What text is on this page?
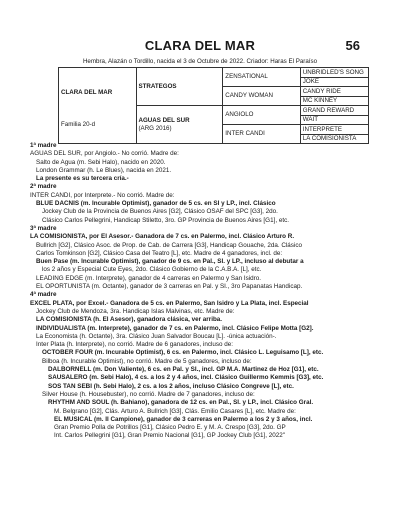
CLARA DEL MAR	56
Hembra, Alazán o Tordillo, nacida el 3 de Octubre de 2022. Criador: Haras El Paraíso
CLARA DEL MAR
Familia 20-d	STRATEGOS	ZENSATIONAL	UNBRIDLED'S SONG
			JOKE
		CANDY WOMAN	CANDY RIDE
			MC KINNEY

	AGUAS DEL SUR
(ARG 2016)	ANGIOLO	GRAND REWARD
			WAIT
		INTER CANDI	INTERPRETE
			LA COMISIONISTA
1ª madre
AGUAS DEL SUR, por Angiolo.- No corrió. Madre de:
Salto de Agua (m. Sebi Halo), nacido en 2020.
London Grammar (h. Le Blues), nacida en 2021.
La presente es su tercera cría.-
2ª madre
INTER CANDI, por Interprete.- No corrió. Madre de:
BLUE DACNIS (m. Incurable Optimist), ganador de 5 cs. en SI y LP., incl. Clásico
Jockey Club de la Provincia de Buenos Aires [G2], Clásico OSAF del SPC [G3], 2do.
Clásico Carlos Pellegrini, Handicap Stiletto, 3ro. GP Provincia de Buenos Aires [G1], etc.
3ª madre
LA COMISIONISTA, por El Asesor.- Ganadora de 7 cs. en Palermo, incl. Clásico Arturo R.
Bullrich [G2], Clásico Asoc. de Prop. de Cab. de Carrera [G3], Handicap Gouache, 2da. Clásico
Carlos Tomkinson [G2], Clásico Casa del Teatro [L], etc. Madre de 4 ganadores, incl. de:
Buen Pase (m. Incurable Optimist), ganador de 9 cs. en Pal., SI. y LP., incluso al debutar a
los 2 años y Especial Cute Eyes, 2do. Clásico Gobierno de la C.A.B.A. [L], etc.
LEADING EDGE (m. Interprete), ganador de 4 carreras en Palermo y San Isidro.
EL OPORTUNISTA (m. Octante), ganador de 3 carreras en Pal. y SI., 3ro Papanatas Handicap.
4ª madre
EXCEL PLATA, por Excel.- Ganadora de 5 cs. en Palermo, San Isidro y La Plata, incl. Especial
Jockey Club de Mendoza, 3ra. Handicap Islas Malvinas, etc. Madre de:
LA COMISIONISTA (h. El Asesor), ganadora clásica, ver arriba.
INDIVIDUALISTA (m. Interprete), ganador de 7 cs. en Palermo, incl. Clásico Felipe Motta [G2].
La Economista (h. Octante), 3ra. Clásico Juan Salvador Boucau [L]. -única actuación-.
Inter Plata (h. Interprete), no corrió. Madre de 6 ganadores, incluso de:
OCTOBER FOUR (m. Incurable Optimist), 6 cs. en Palermo, incl. Clásico L. Leguisamo [L], etc.
Bilboa (h. Incurable Optimist), no corrió. Madre de 5 ganadores, incluso de:
DALBORNELL (m. Don Valiente), 6 cs. en Pal. y SI., incl. GP M.A. Martinez de Hoz [G1], etc.
SAUSALERO (m. Sebi Halo), 4 cs. a los 2 y 4 años, incl. Clásico Guillermo Kemmis [G3], etc.
SOS TAN SEBI (h. Sebi Halo), 2 cs. a los 2 años, incluso Clásico Congreve [L], etc.
Silver House (h. Housebuster), no corrió. Madre de 7 ganadores, incluso de:
RHYTHM AND SOUL (h. Bahiano), ganadora de 12 cs. en Pal., SI. y LP., incl. Clásico Gral.
M. Belgrano [G2], Clás. Arturo A. Bullrich [G3], Clás. Emilio Casares [L], etc. Madre de:
EL MUSICAL (m. Il Campione), ganador de 3 carreras en Palermo a los 2 y 3 años, incl.
Gran Premio Polla de Potrillos [G1], Clásico Pedro E. y M. A. Crespo [G3], 2do. GP
Int. Carlos Pellegrini [G1], Gran Premio Nacional [G1], GP Jockey Club [G1], 2022"
